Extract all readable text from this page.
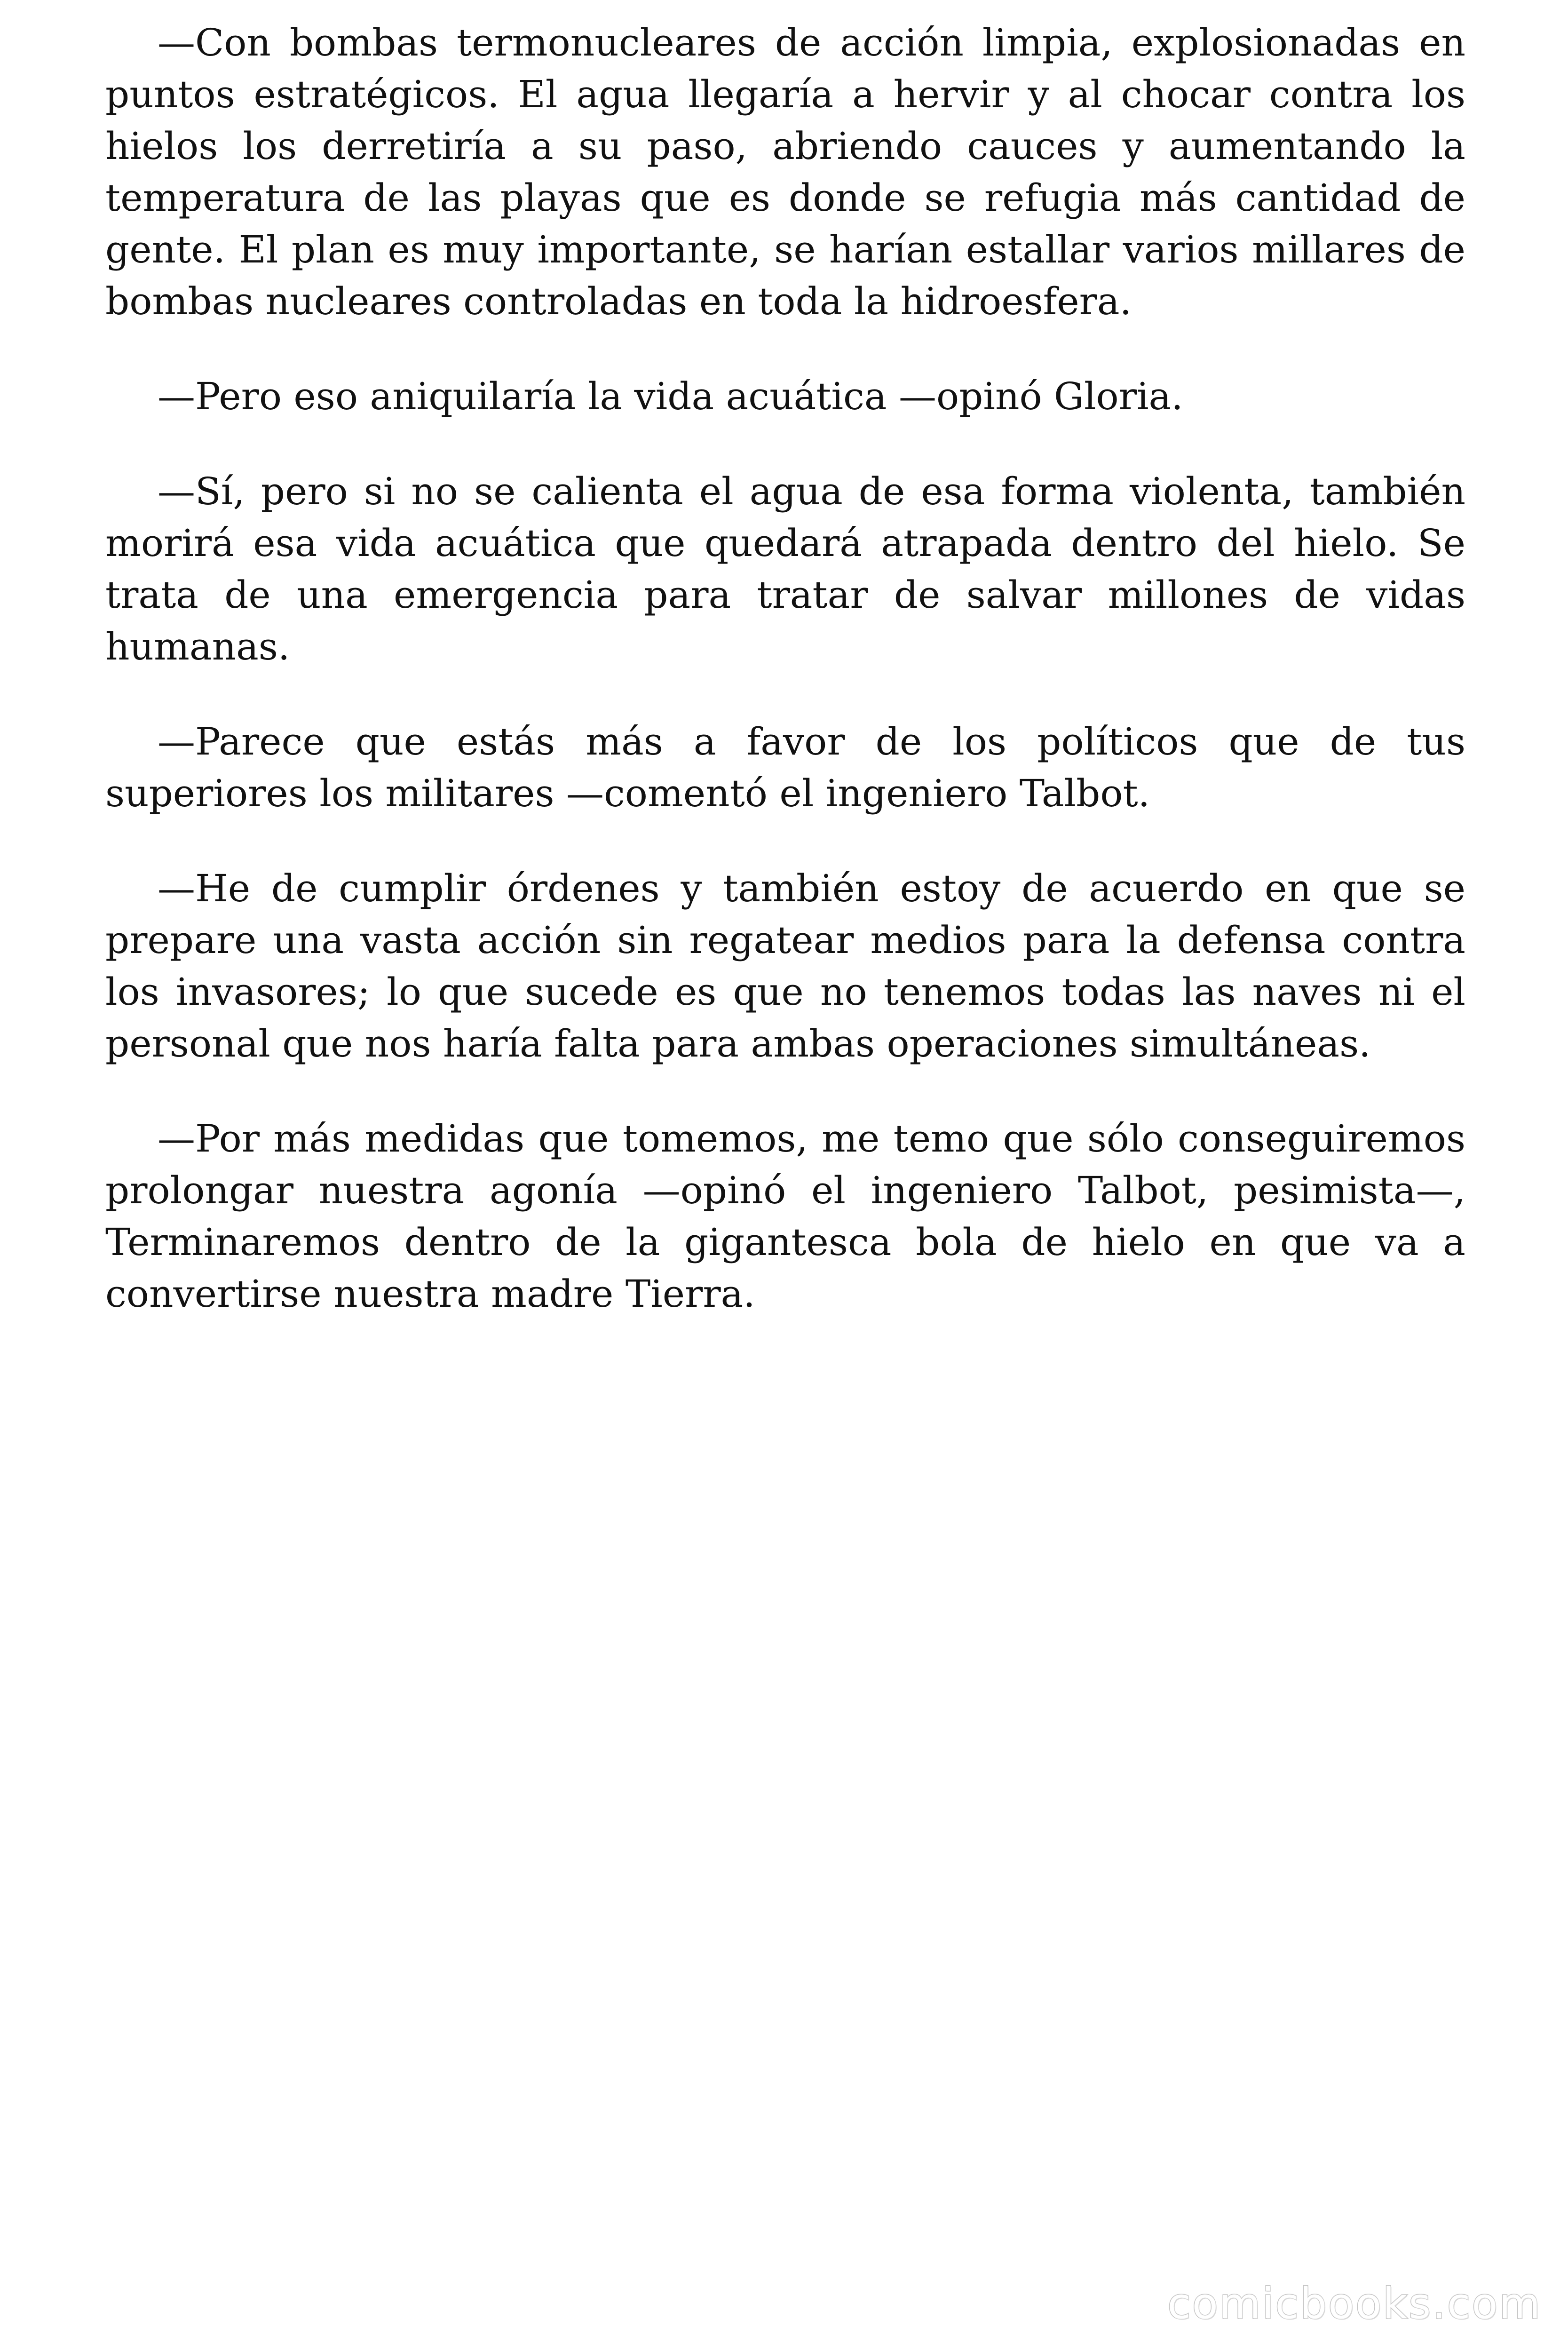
—Con bombas termonucleares de acción limpia, explosionadas en puntos estratégicos. El agua llegaría a hervir y al chocar contra los hielos los derretiría a su paso, abriendo cauces y aumentando la temperatura de las playas que es donde se refugia más cantidad de gente. El plan es muy importante, se harían estallar varios millares de bombas nucleares controladas en toda la hidroesfera.

—Pero eso aniquilaría la vida acuática —opinó Gloria.

—Sí, pero si no se calienta el agua de esa forma violenta, también morirá esa vida acuática que quedará atrapada dentro del hielo. Se trata de una emergencia para tratar de salvar millones de vidas humanas.

—Parece que estás más a favor de los políticos que de tus superiores los militares —comentó el ingeniero Talbot.

—He de cumplir órdenes y también estoy de acuerdo en que se prepare una vasta acción sin regatear medios para la defensa contra los invasores; lo que sucede es que no tenemos todas las naves ni el personal que nos haría falta para ambas operaciones simultáneas.

—Por más medidas que tomemos, me temo que sólo conseguiremos prolongar nuestra agonía —opinó el ingeniero Talbot, pesimista—, Terminaremos dentro de la gigantesca bola de hielo en que va a convertirse nuestra madre Tierra.

comicbooks.com
